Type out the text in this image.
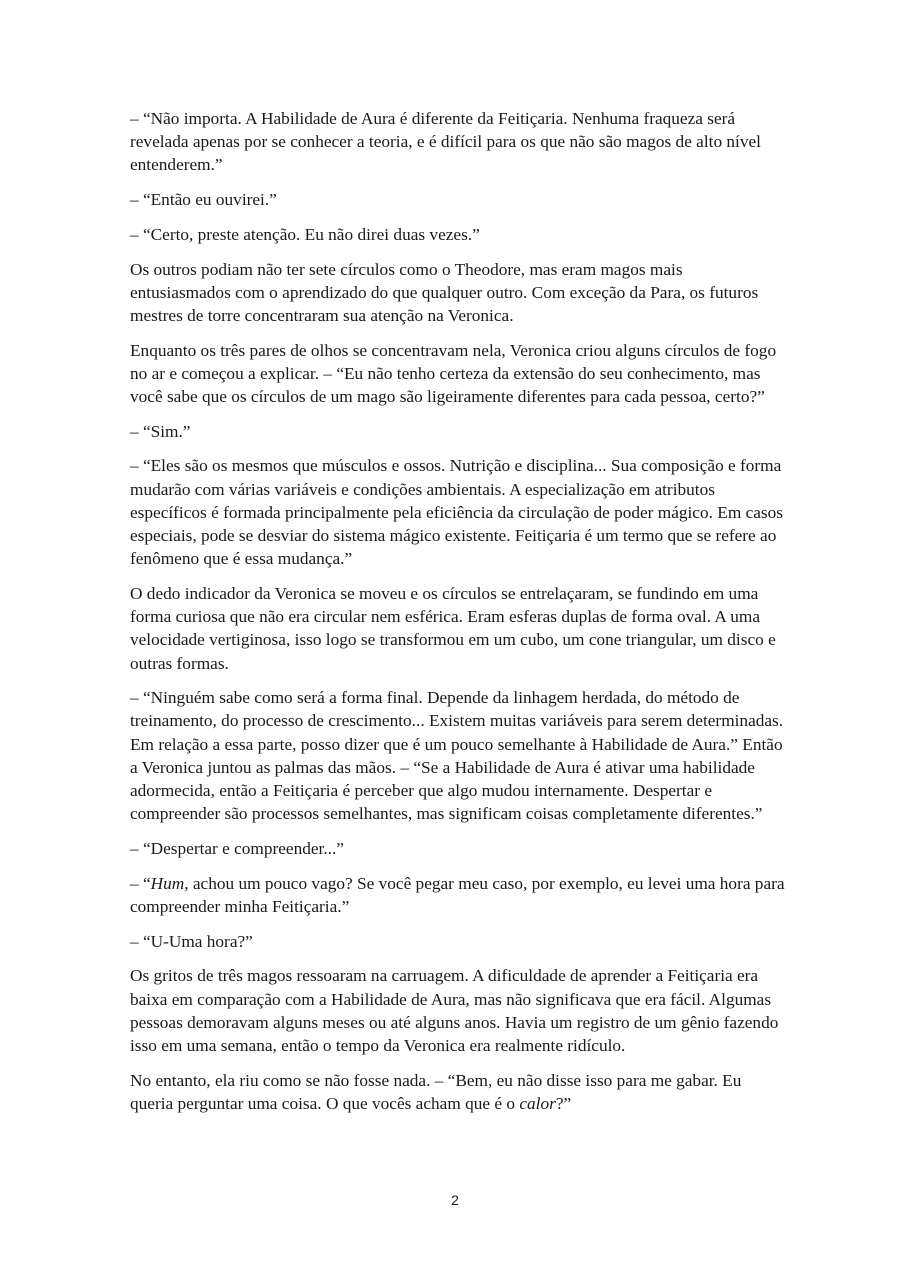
– “Não importa. A Habilidade de Aura é diferente da Feitiçaria. Nenhuma fraqueza será revelada apenas por se conhecer a teoria, e é difícil para os que não são magos de alto nível entenderem.”

– “Então eu ouvirei.”

– “Certo, preste atenção. Eu não direi duas vezes.”

Os outros podiam não ter sete círculos como o Theodore, mas eram magos mais entusiasmados com o aprendizado do que qualquer outro. Com exceção da Para, os futuros mestres de torre concentraram sua atenção na Veronica.

Enquanto os três pares de olhos se concentravam nela, Veronica criou alguns círculos de fogo no ar e começou a explicar. – “Eu não tenho certeza da extensão do seu conhecimento, mas você sabe que os círculos de um mago são ligeiramente diferentes para cada pessoa, certo?”

– “Sim.”

– “Eles são os mesmos que músculos e ossos. Nutrição e disciplina... Sua composição e forma mudarão com várias variáveis e condições ambientais. A especialização em atributos específicos é formada principalmente pela eficiência da circulação de poder mágico. Em casos especiais, pode se desviar do sistema mágico existente. Feitiçaria é um termo que se refere ao fenômeno que é essa mudança.”

O dedo indicador da Veronica se moveu e os círculos se entrelaçaram, se fundindo em uma forma curiosa que não era circular nem esférica. Eram esferas duplas de forma oval. A uma velocidade vertiginosa, isso logo se transformou em um cubo, um cone triangular, um disco e outras formas.

– “Ninguém sabe como será a forma final. Depende da linhagem herdada, do método de treinamento, do processo de crescimento... Existem muitas variáveis para serem determinadas. Em relação a essa parte, posso dizer que é um pouco semelhante à Habilidade de Aura.” Então a Veronica juntou as palmas das mãos. – “Se a Habilidade de Aura é ativar uma habilidade adormecida, então a Feitiçaria é perceber que algo mudou internamente. Despertar e compreender são processos semelhantes, mas significam coisas completamente diferentes.”

– “Despertar e compreender...”

– “Hum, achou um pouco vago? Se você pegar meu caso, por exemplo, eu levei uma hora para compreender minha Feitiçaria.”

– “U-Uma hora?”

Os gritos de três magos ressoaram na carruagem. A dificuldade de aprender a Feitiçaria era baixa em comparação com a Habilidade de Aura, mas não significava que era fácil. Algumas pessoas demoravam alguns meses ou até alguns anos. Havia um registro de um gênio fazendo isso em uma semana, então o tempo da Veronica era realmente ridículo.

No entanto, ela riu como se não fosse nada. – “Bem, eu não disse isso para me gabar. Eu queria perguntar uma coisa. O que vocês acham que é o calor?”

2
